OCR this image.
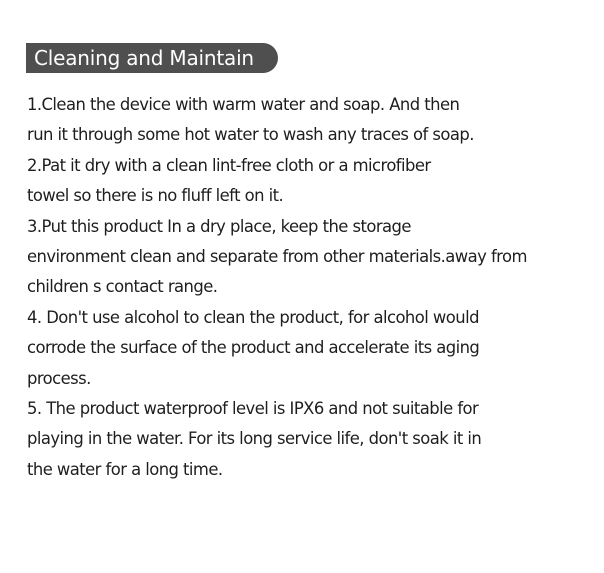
Cleaning and Maintain
1.Clean the device with warm water and soap. And then
run it through some hot water to wash any traces of soap.
2.Pat it dry with a clean lint-free cloth or a microfiber
towel so there is no fluff left on it.
3.Put this product In a dry place, keep the storage
environment clean and separate from other materials.away from
children s contact range.
4. Don't use alcohol to clean the product, for alcohol would
corrode the surface of the product and accelerate its aging
process.
5. The product waterproof level is IPX6 and not suitable for
playing in the water. For its long service life, don't soak it in
the water for a long time.
